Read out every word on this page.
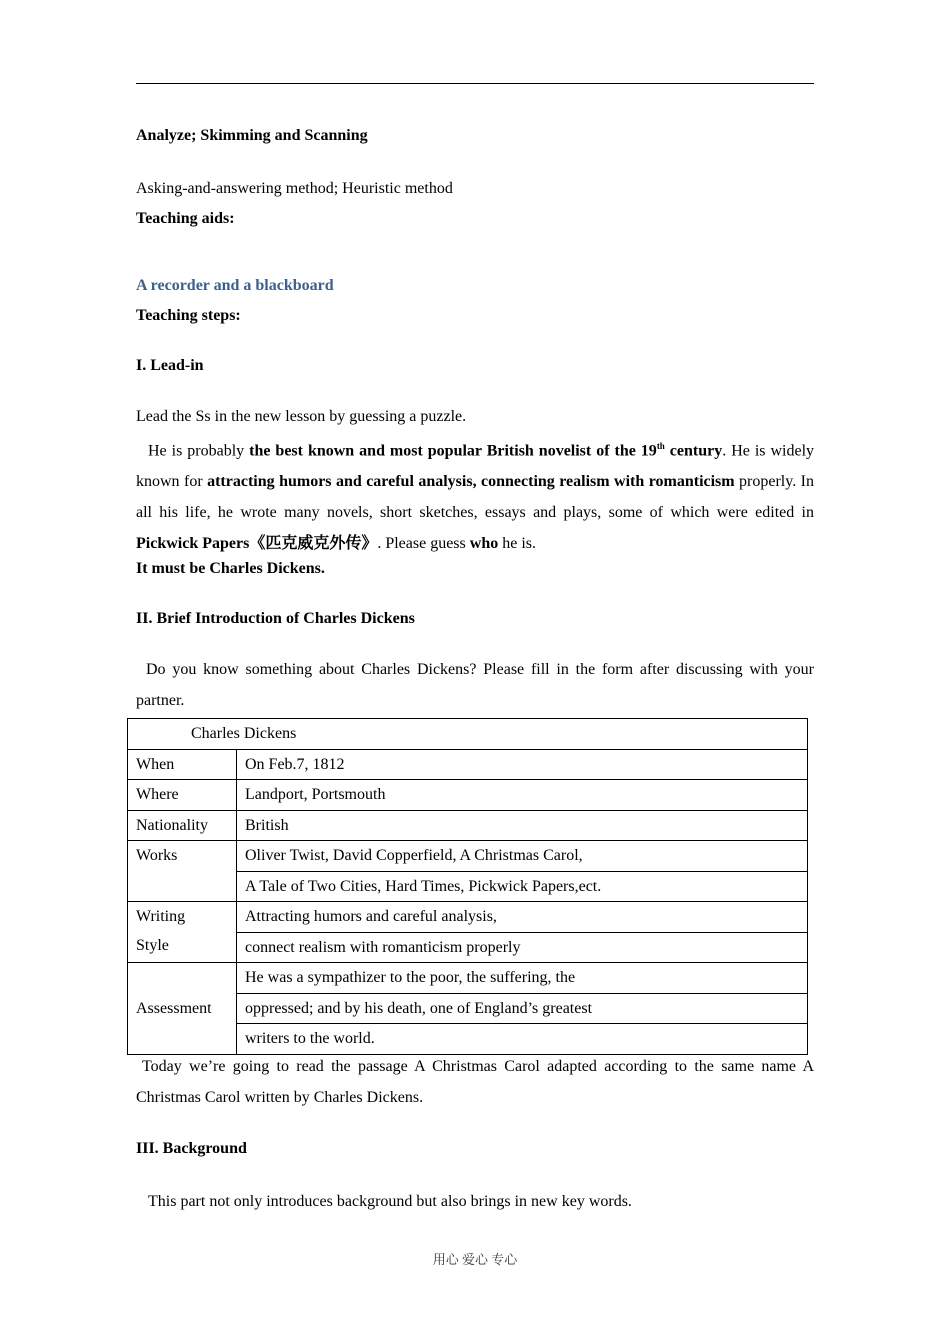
Analyze; Skimming and Scanning
Asking-and-answering method; Heuristic method
Teaching aids:
A recorder and a blackboard
Teaching steps:
I. Lead-in
Lead the Ss in the new lesson by guessing a puzzle.
He is probably the best known and most popular British novelist of the 19th century. He is widely known for attracting humors and careful analysis, connecting realism with romanticism properly. In all his life, he wrote many novels, short sketches, essays and plays, some of which were edited in Pickwick Papers《匹克威克外传》. Please guess who he is.
It must be Charles Dickens.
II. Brief Introduction of Charles Dickens
Do you know something about Charles Dickens? Please fill in the form after discussing with your partner.
Charles Dickens	
When	On Feb.7, 1812
Where	Landport, Portsmouth
Nationality	British
Works	Oliver Twist, David Copperfield, A Christmas Carol,
	A Tale of Two Cities, Hard Times, Pickwick Papers,ect.

Writing
Style	Attracting humors and careful analysis,
	connect realism with romanticism properly
Assessment	He was a sympathizer to the poor, the suffering, the
	oppressed; and by his death, one of England’s greatest
	writers to the world.
Today we’re going to read the passage A Christmas Carol adapted according to the same name A Christmas Carol written by Charles Dickens.
III. Background
This part not only introduces background but also brings in new key words.
用心 爱心 专心
